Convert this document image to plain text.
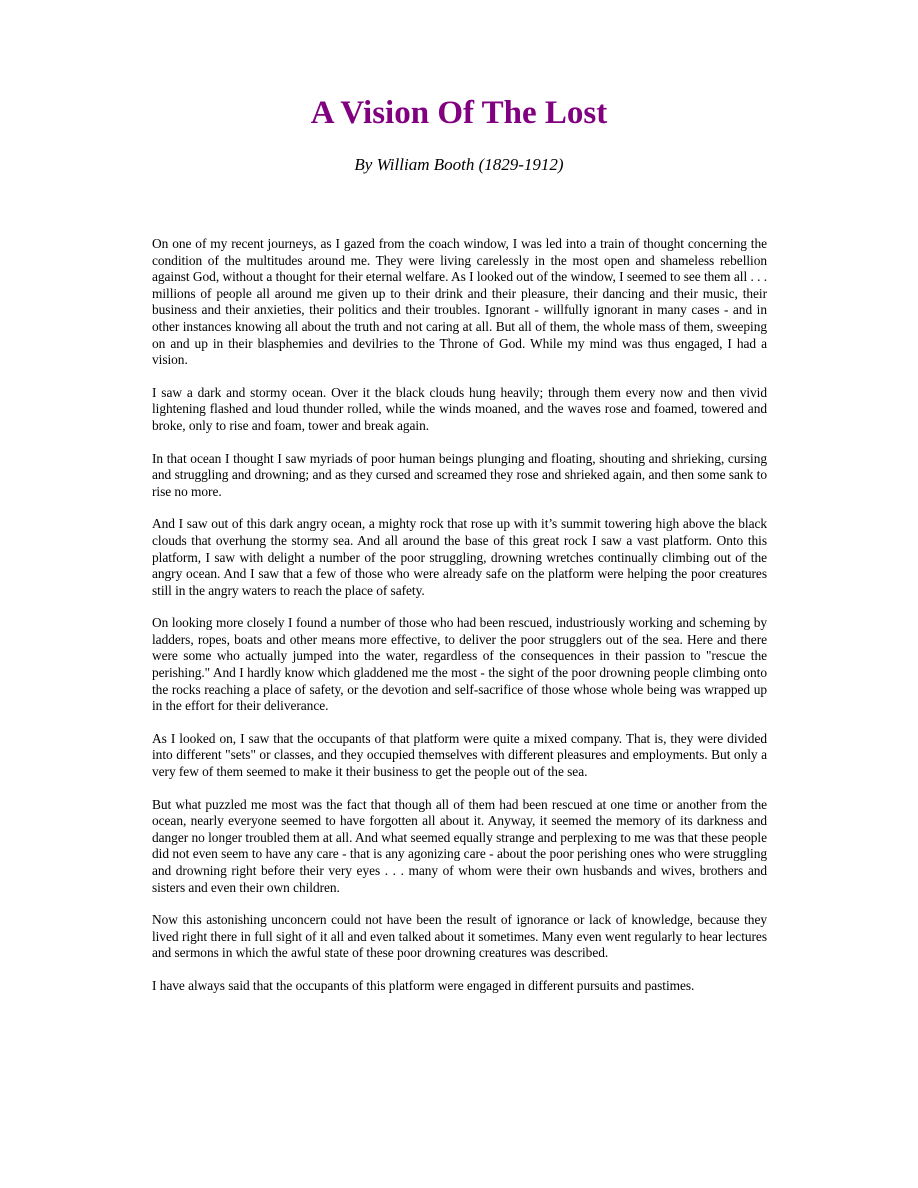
A Vision Of The Lost

By William Booth (1829-1912)

On one of my recent journeys, as I gazed from the coach window, I was led into a train of thought concerning the condition of the multitudes around me. They were living carelessly in the most open and shameless rebellion against God, without a thought for their eternal welfare. As I looked out of the window, I seemed to see them all . . . millions of people all around me given up to their drink and their pleasure, their dancing and their music, their business and their anxieties, their politics and their troubles. Ignorant - willfully ignorant in many cases - and in other instances knowing all about the truth and not caring at all. But all of them, the whole mass of them, sweeping on and up in their blasphemies and devilries to the Throne of God. While my mind was thus engaged, I had a vision.

I saw a dark and stormy ocean. Over it the black clouds hung heavily; through them every now and then vivid lightening flashed and loud thunder rolled, while the winds moaned, and the waves rose and foamed, towered and broke, only to rise and foam, tower and break again.

In that ocean I thought I saw myriads of poor human beings plunging and floating, shouting and shrieking, cursing and struggling and drowning; and as they cursed and screamed they rose and shrieked again, and then some sank to rise no more.

And I saw out of this dark angry ocean, a mighty rock that rose up with it’s summit towering high above the black clouds that overhung the stormy sea. And all around the base of this great rock I saw a vast platform. Onto this platform, I saw with delight a number of the poor struggling, drowning wretches continually climbing out of the angry ocean. And I saw that a few of those who were already safe on the platform were helping the poor creatures still in the angry waters to reach the place of safety.

On looking more closely I found a number of those who had been rescued, industriously working and scheming by ladders, ropes, boats and other means more effective, to deliver the poor strugglers out of the sea. Here and there were some who actually jumped into the water, regardless of the consequences in their passion to "rescue the perishing." And I hardly know which gladdened me the most - the sight of the poor drowning people climbing onto the rocks reaching a place of safety, or the devotion and self-sacrifice of those whose whole being was wrapped up in the effort for their deliverance.

As I looked on, I saw that the occupants of that platform were quite a mixed company. That is, they were divided into different "sets" or classes, and they occupied themselves with different pleasures and employments. But only a very few of them seemed to make it their business to get the people out of the sea.

But what puzzled me most was the fact that though all of them had been rescued at one time or another from the ocean, nearly everyone seemed to have forgotten all about it. Anyway, it seemed the memory of its darkness and danger no longer troubled them at all. And what seemed equally strange and perplexing to me was that these people did not even seem to have any care - that is any agonizing care - about the poor perishing ones who were struggling and drowning right before their very eyes . . . many of whom were their own husbands and wives, brothers and sisters and even their own children.

Now this astonishing unconcern could not have been the result of ignorance or lack of knowledge, because they lived right there in full sight of it all and even talked about it sometimes. Many even went regularly to hear lectures and sermons in which the awful state of these poor drowning creatures was described.

I have always said that the occupants of this platform were engaged in different pursuits and pastimes.
